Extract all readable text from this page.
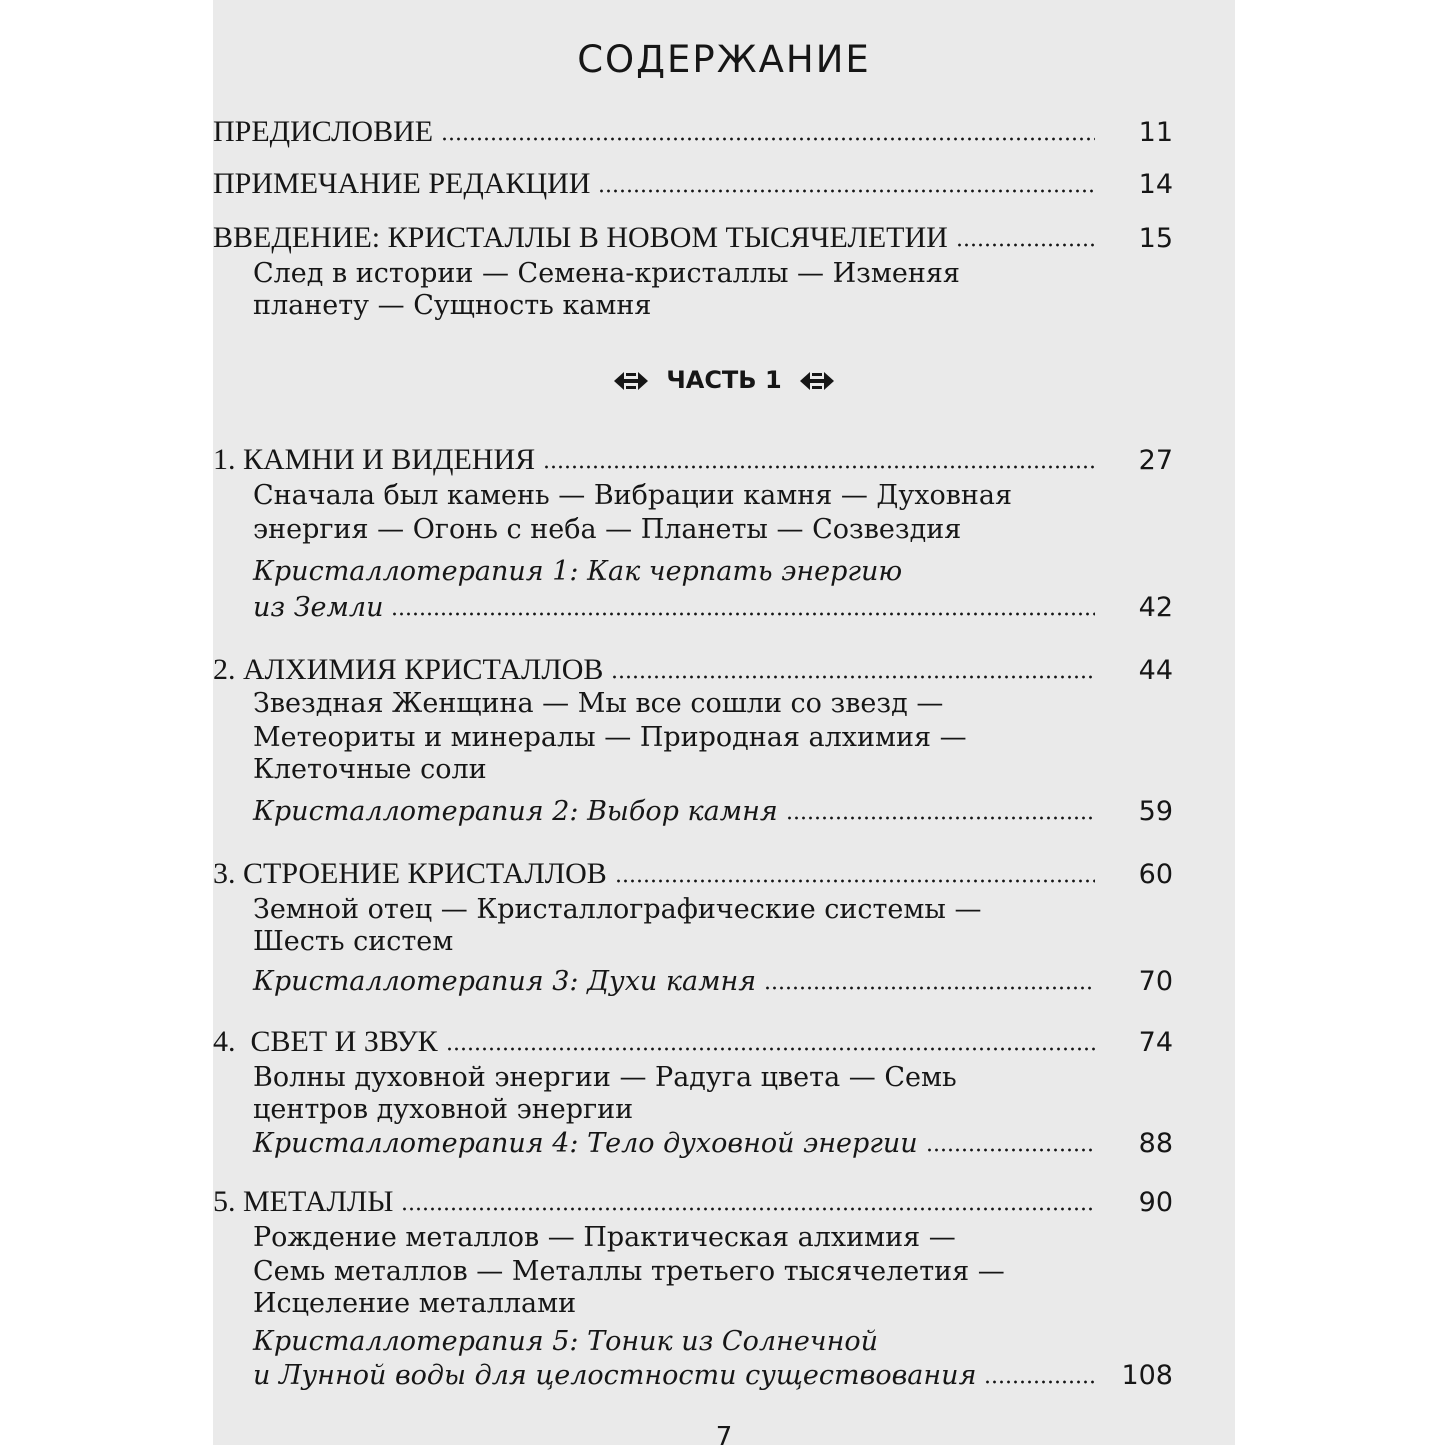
СОДЕРЖАНИЕ
ПРЕДИСЛОВИЕ	11
ПРИМЕЧАНИЕ РЕДАКЦИИ	14
ВВЕДЕНИЕ: КРИСТАЛЛЫ В НОВОМ ТЫСЯЧЕЛЕТИИ	15
След в истории — Семена-кристаллы — Изменяя
планету — Сущность камня
ЧАСТЬ 1
1. КАМНИ И ВИДЕНИЯ	27
Сначала был камень — Вибрации камня — Духовная
энергия — Огонь с неба — Планеты — Созвездия
Кристаллотерапия 1: Как черпать энергию
из Земли	42
2. АЛХИМИЯ КРИСТАЛЛОВ	44
Звездная Женщина — Мы все сошли со звезд —
Метеориты и минералы — Природная алхимия —
Клеточные соли
Кристаллотерапия 2: Выбор камня	59
3. СТРОЕНИЕ КРИСТАЛЛОВ	60
Земной отец — Кристаллографические системы —
Шесть систем
Кристаллотерапия 3: Духи камня	70
4.  СВЕТ И ЗВУК	74
Волны духовной энергии — Радуга цвета — Семь
центров духовной энергии
Кристаллотерапия 4: Тело духовной энергии	88
5. МЕТАЛЛЫ	90
Рождение металлов — Практическая алхимия —
Семь металлов — Металлы третьего тысячелетия —
Исцеление металлами
Кристаллотерапия 5: Тоник из Солнечной
и Лунной воды для целостности существования	108
7
